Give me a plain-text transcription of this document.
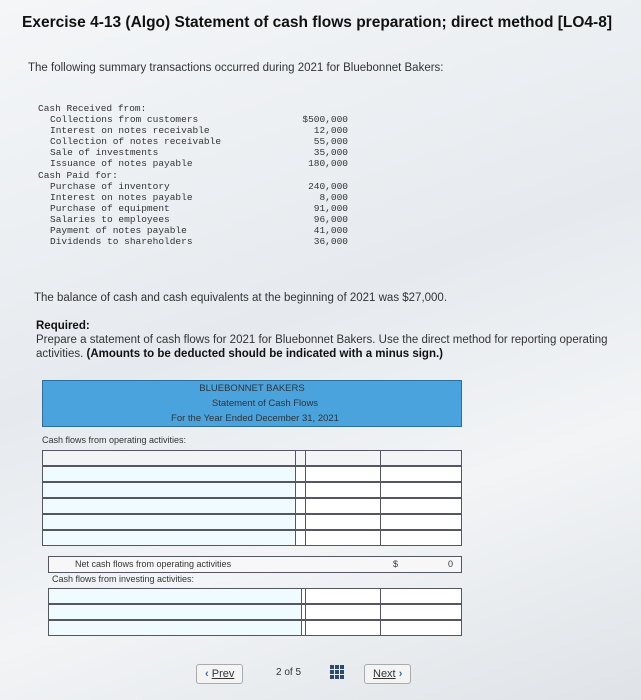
Exercise 4-13 (Algo) Statement of cash flows preparation; direct method [LO4-8]
The following summary transactions occurred during 2021 for Bluebonnet Bakers:
Cash Received from:
Collections from customers	$500,000
Interest on notes receivable	12,000
Collection of notes receivable	55,000
Sale of investments	35,000
Issuance of notes payable	180,000
Cash Paid for:
Purchase of inventory	240,000
Interest on notes payable	8,000
Purchase of equipment	91,000
Salaries to employees	96,000
Payment of notes payable	41,000
Dividends to shareholders	36,000
The balance of cash and cash equivalents at the beginning of 2021 was $27,000.
Required:
Prepare a statement of cash flows for 2021 for Bluebonnet Bakers. Use the direct method for reporting operating activities. (Amounts to be deducted should be indicated with a minus sign.)
BLUEBONNET BAKERS
Statement of Cash Flows
For the Year Ended December 31, 2021
Cash flows from operating activities:
Net cash flows from operating activities	$	0
Cash flows from investing activities:
‹
Prev	2 of 5	Next
›
